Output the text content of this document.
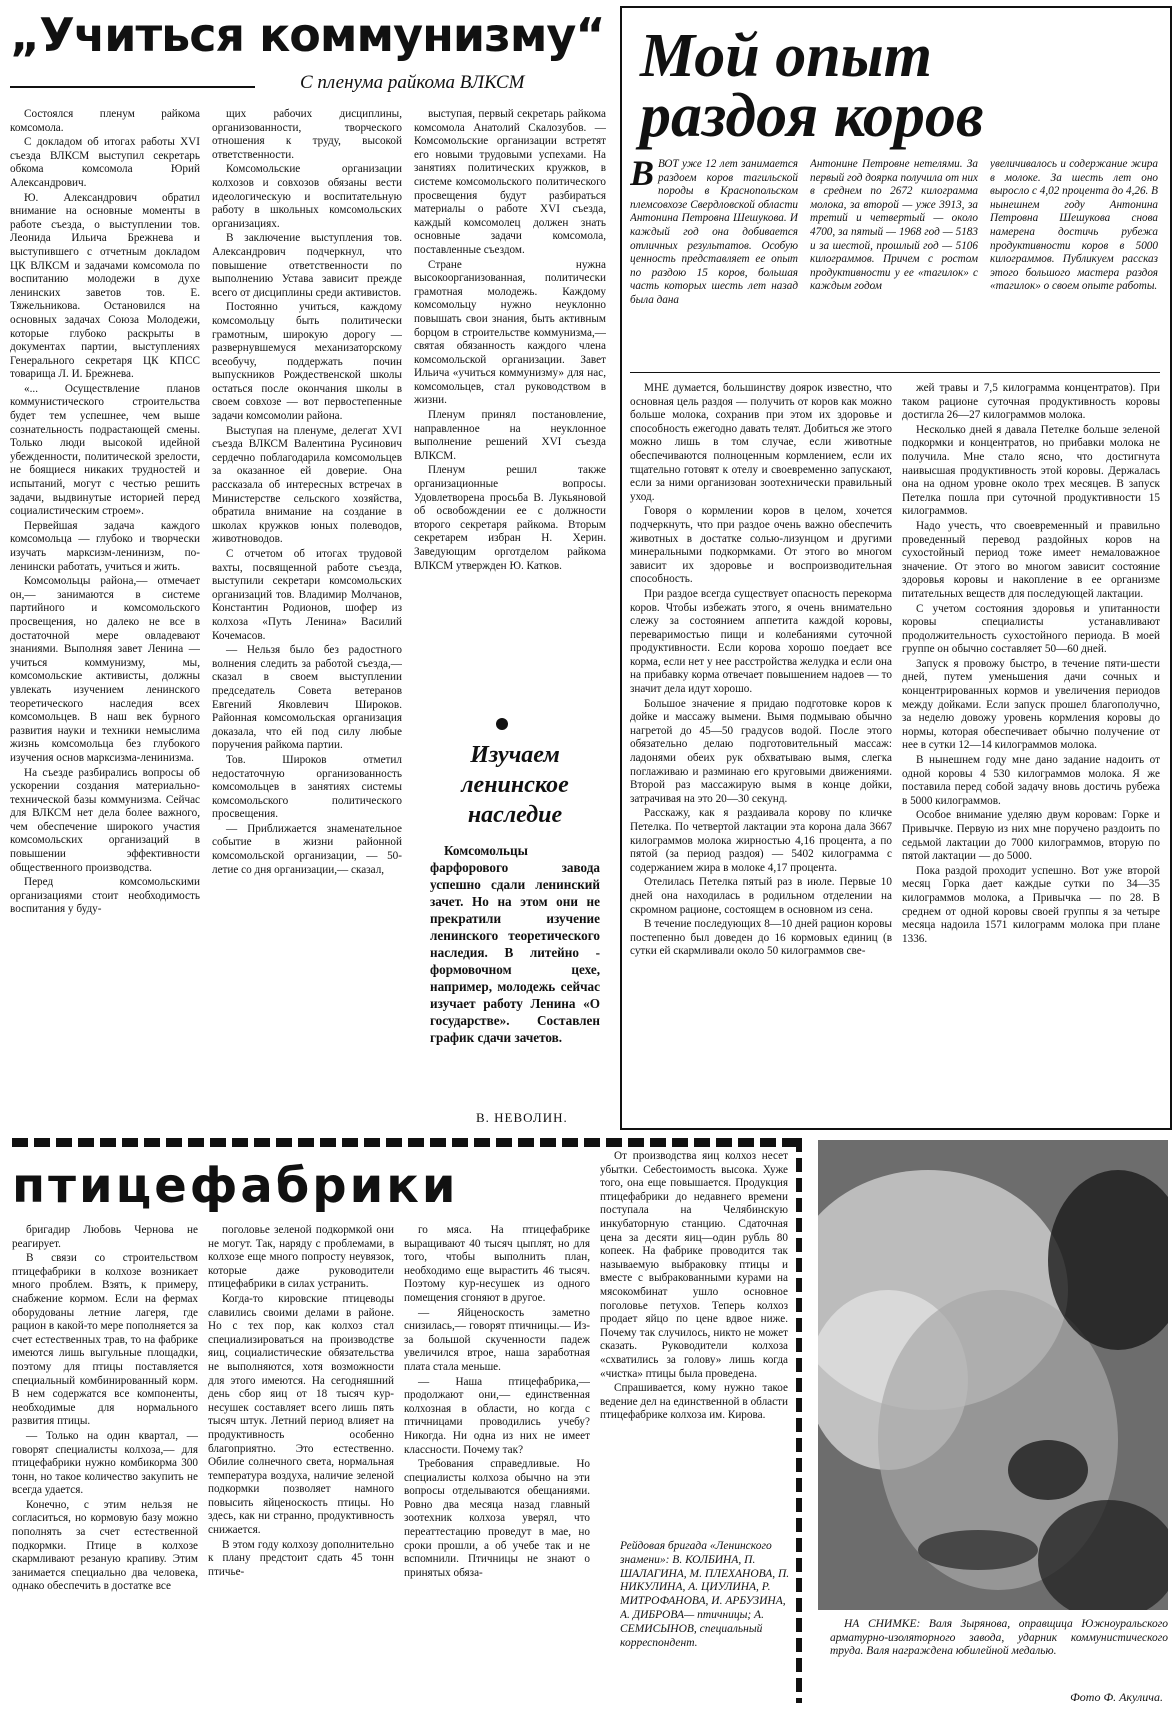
„Учиться коммунизму“
С пленума райкома ВЛКСМ

Состоялся пленум райкома комсомола.

С докладом об итогах работы XVI съезда ВЛКСМ выступил секретарь обкома комсомола Юрий Александрович.

Ю. Александрович обратил внимание на основные моменты в работе съезда, о выступлении тов. Леонида Ильича Брежнева и выступившего с отчетным докладом ЦК ВЛКСМ и задачами комсомола по воспитанию молодежи в духе ленинских заветов тов. Е. Тяжельникова. Остановился на основных задачах Союза Молодежи, которые глубоко раскрыты в документах партии, выступлениях Генерального секретаря ЦК КПСС товарища Л. И. Брежнева.

«... Осуществление планов коммунистического строительства будет тем успешнее, чем выше сознательность подрастающей смены. Только люди высокой идейной убежденности, политической зрелости, не боящиеся никаких трудностей и испытаний, могут с честью решить задачи, выдвинутые историей перед социалистическим строем».

Первейшая задача каждого комсомольца — глубоко и творчески изучать марксизм-ленинизм, по-ленински работать, учиться и жить.

Комсомольцы района,— отмечает он,— занимаются в системе партийного и комсомольского просвещения, но далеко не все в достаточной мере овладевают знаниями. Выполняя завет Ленина — учиться коммунизму, мы, комсомольские активисты, должны увлекать изучением ленинского теоретического наследия всех комсомольцев. В наш век бурного развития науки и техники немыслима жизнь комсомольца без глубокого изучения основ марксизма-ленинизма.

На съезде разбирались вопросы об ускорении создания материально-технической базы коммунизма. Сейчас для ВЛКСМ нет дела более важного, чем обеспечение широкого участия комсомольских организаций в повышении эффективности общественного производства.

Перед комсомольскими организациями стоит необходимость воспитания у буду-

щих рабочих дисциплины, организованности, творческого отношения к труду, высокой ответственности.

Комсомольские организации колхозов и совхозов обязаны вести идеологическую и воспитательную работу в школьных комсомольских организациях.

В заключение выступления тов. Александрович подчеркнул, что повышение ответственности по выполнению Устава зависит прежде всего от дисциплины среди активистов.

Постоянно учиться, каждому комсомольцу быть политически грамотным, широкую дорогу — развернувшемуся механизаторскому всеобучу, поддержать почин выпускников Рождественской школы остаться после окончания школы в своем совхозе — вот первостепенные задачи комсомолии района.

Выступая на пленуме, делегат XVI съезда ВЛКСМ Валентина Русинович сердечно поблагодарила комсомольцев за оказанное ей доверие. Она рассказала об интересных встречах в Министерстве сельского хозяйства, обратила внимание на создание в школах кружков юных полеводов, животноводов.

С отчетом об итогах трудовой вахты, посвященной работе съезда, выступили секретари комсомольских организаций тов. Владимир Молчанов, Константин Родионов, шофер из колхоза «Путь Ленина» Василий Кочемасов.

— Нельзя было без радостного волнения следить за работой съезда,— сказал в своем выступлении председатель Совета ветеранов Евгений Яковлевич Широков. Районная комсомольская организация доказала, что ей под силу любые поручения райкома партии.

Тов. Широков отметил недостаточную организованность комсомольцев в занятиях системы комсомольского политического просвещения.

— Приближается знаменательное событие в жизни районной комсомольской организации, — 50-летие со дня организации,— сказал,

выступая, первый секретарь райкома комсомола Анатолий Скалозубов. — Комсомольские организации встретят его новыми трудовыми успехами. На занятиях политических кружков, в системе комсомольского политического просвещения будут разбираться материалы о работе XVI съезда, каждый комсомолец должен знать основные задачи комсомола, поставленные съездом.

Стране нужна высокоорганизованная, политически грамотная молодежь. Каждому комсомольцу нужно неуклонно повышать свои знания, быть активным борцом в строительстве коммунизма,— святая обязанность каждого члена комсомольской организации. Завет Ильича «учиться коммунизму» для нас, комсомольцев, стал руководством в жизни.

Пленум принял постановление, направленное на неуклонное выполнение решений XVI съезда ВЛКСМ.

Пленум решил также организационные вопросы. Удовлетворена просьба В. Лукьяновой об освобождении ее с должности второго секретаря райкома. Вторым секретарем избран Н. Херин. Заведующим орготделом райкома ВЛКСМ утвержден Ю. Катков.

Изучаем ленинское наследие
Комсомольцы фарфорового завода успешно сдали ленинский зачет. Но на этом они не прекратили изучение ленинского теоретического наследия. В литейно - формовочном цехе, например, молодежь сейчас изучает работу Ленина «О государстве». Составлен график сдачи зачетов.
В. НЕВОЛИН.
Мой опыт раздоя коров
ВВОТ уже 12 лет занимается раздоем коров тагильской породы в Краснопольском племсовхозе Свердловской области Антонина Петровна Шешукова. И каждый год она добивается отличных результатов. Особую ценность представляет ее опыт по раздою 15 коров, большая часть которых шесть лет назад была дана
Антонине Петровне нетелями. За первый год доярка получила от них в среднем по 2672 килограмма молока, за второй — уже 3913, за третий и четвертый — около 4700, за пятый — 1968 год — 5183 и за шестой, прошлый год — 5106 килограммов. Причем с ростом продуктивности у ее «тагилок» с каждым годом
увеличивалось и содержание жира в молоке. За шесть лет оно выросло с 4,02 процента до 4,26. В нынешнем году Антонина Петровна Шешукова снова намерена достичь рубежа продуктивности коров в 5000 килограммов. Публикуем рассказ этого большого мастера раздоя «тагилок» о своем опыте работы.

МНЕ думается, большинству доярок известно, что основная цель раздоя — получить от коров как можно больше молока, сохранив при этом их здоровье и способность ежегодно давать телят. Добиться же этого можно лишь в том случае, если животные обеспечиваются полноценным кормлением, если их тщательно готовят к отелу и своевременно запускают, если за ними организован зоотехнически правильный уход.

Говоря о кормлении коров в целом, хочется подчеркнуть, что при раздое очень важно обеспечить животных в достатке солью-лизунцом и другими минеральными подкормками. От этого во многом зависит их здоровье и воспроизводительная способность.

При раздое всегда существует опасность перекорма коров. Чтобы избежать этого, я очень внимательно слежу за состоянием аппетита каждой коровы, переваримостью пищи и колебаниями суточной продуктивности. Если корова хорошо поедает все корма, если нет у нее расстройства желудка и если она на прибавку корма отвечает повышением надоев — то значит дела идут хорошо.

Большое значение я придаю подготовке коров к дойке и массажу вымени. Вымя подмываю обычно нагретой до 45—50 градусов водой. После этого обязательно делаю подготовительный массаж: ладонями обеих рук обхватываю вымя, слегка поглаживаю и разминаю его круговыми движениями. Второй раз массажирую вымя в конце дойки, затрачивая на это 20—30 секунд.

Расскажу, как я раздаивала корову по кличке Петелка. По четвертой лактации эта корона дала 3667 килограммов молока жирностью 4,16 процента, а по пятой (за период раздоя) — 5402 килограмма с содержанием жира в молоке 4,17 процента.

Отелилась Петелка пятый раз в июле. Первые 10 дней она находилась в родильном отделении на скромном рационе, состоящем в основном из сена.

В течение последующих 8—10 дней рацион коровы постепенно был доведен до 16 кормовых единиц (в сутки ей скармливали около 50 килограммов све-

жей травы и 7,5 килограмма концентратов). При таком рационе суточная продуктивность коровы достигла 26—27 килограммов молока.

Несколько дней я давала Петелке больше зеленой подкормки и концентратов, но прибавки молока не получила. Мне стало ясно, что достигнута наивысшая продуктивность этой коровы. Держалась она на одном уровне около трех месяцев. В запуск Петелка пошла при суточной продуктивности 15 килограммов.

Надо учесть, что своевременный и правильно проведенный перевод раздойных коров на сухостойный период тоже имеет немаловажное значение. От этого во многом зависит состояние здоровья коровы и накопление в ее организме питательных веществ для последующей лактации.

С учетом состояния здоровья и упитанности коровы специалисты устанавливают продолжительность сухостойного периода. В моей группе он обычно составляет 50—60 дней.

Запуск я провожу быстро, в течение пяти-шести дней, путем уменьшения дачи сочных и концентрированных кормов и увеличения периодов между дойками. Если запуск прошел благополучно, за неделю довожу уровень кормления коровы до нормы, которая обеспечивает обычно получение от нее в сутки 12—14 килограммов молока.

В нынешнем году мне дано задание надоить от одной коровы 4 530 килограммов молока. Я же поставила перед собой задачу вновь достичь рубежа в 5000 килограммов.

Особое внимание уделяю двум коровам: Горке и Привычке. Первую из них мне поручено раздоить по седьмой лактации до 7000 килограммов, вторую по пятой лактации — до 5000.

Пока раздой проходит успешно. Вот уже второй месяц Горка дает каждые сутки по 34—35 килограммов молока, а Привычка — по 28. В среднем от одной коровы своей группы я за четыре месяца надоила 1571 килограмм молока при плане 1336.

птицефабрики

бригадир Любовь Чернова не реагирует.

В связи со строительством птицефабрики в колхозе возникает много проблем. Взять, к примеру, снабжение кормом. Если на фермах оборудованы летние лагеря, где рацион в какой-то мере пополняется за счет естественных трав, то на фабрике имеются лишь выгульные площадки, поэтому для птицы поставляется специальный комбинированный корм. В нем содержатся все компоненты, необходимые для нормального развития птицы.

— Только на один квартал, — говорят специалисты колхоза,— для птицефабрики нужно комбикорма 300 тонн, но такое количество закупить не всегда удается.

Конечно, с этим нельзя не согласиться, но кормовую базу можно пополнять за счет естественной подкормки. Птице в колхозе скармливают резаную крапиву. Этим занимается специально два человека, однако обеспечить в достатке все

поголовье зеленой подкормкой они не могут. Так, наряду с проблемами, в колхозе еще много попросту неувязок, которые даже руководители птицефабрики в силах устранить.

Когда-то кировские птицеводы славились своими делами в районе. Но с тех пор, как колхоз стал специализироваться на производстве яиц, социалистические обязательства не выполняются, хотя возможности для этого имеются. На сегодняшний день сбор яиц от 18 тысяч кур-несушек составляет всего лишь пять тысяч штук. Летний период влияет на продуктивность особенно благоприятно. Это естественно. Обилие солнечного света, нормальная температура воздуха, наличие зеленой подкормки позволяет намного повысить яйценоскость птицы. Но здесь, как ни странно, продуктивность снижается.

В этом году колхозу дополнительно к плану предстоит сдать 45 тонн птичье-

го мяса. На птицефабрике выращивают 40 тысяч цыплят, но для того, чтобы выполнить план, необходимо еще вырастить 46 тысяч. Поэтому кур-несушек из одного помещения сгоняют в другое.

— Яйценоскость заметно снизилась,— говорят птичницы.— Из-за большой скученности падеж увеличился втрое, наша заработная плата стала меньше.

— Наша птицефабрика,— продолжают они,— единственная колхозная в области, но когда с птичницами проводились учебу? Никогда. Ни одна из них не имеет классности. Почему так?

Требования справедливые. Но специалисты колхоза обычно на эти вопросы отделываются обещаниями. Ровно два месяца назад главный зоотехник колхоза уверял, что переаттестацию проведут в мае, но сроки прошли, а об учебе так и не вспомнили. Птичницы не знают о принятых обяза-

От производства яиц колхоз несет убытки. Себестоимость высока. Хуже того, она еще повышается. Продукция птицефабрики до недавнего времени поступала на Челябинскую инкубаторную станцию. Сдаточная цена за десяти яиц—один рубль 80 копеек. На фабрике проводится так называемую выбраковку птицы и вместе с выбракованными курами на мясокомбинат ушло основное поголовье петухов. Теперь колхоз продает яйцо по цене вдвое ниже. Почему так случилось, никто не может сказать. Руководители колхоза «схватились за голову» лишь когда «чистка» птицы была проведена.

Спрашивается, кому нужно такое ведение дел на единственной в области птицефабрике колхоза им. Кирова.

Рейдовая бригада «Ленинского знамени»: В. КОЛБИНА, П. ШАЛАГИНА, М. ПЛЕХАНОВА, П. НИКУЛИНА, А. ЦИУЛИНА, Р. МИТРОФАНОВА, И. АРБУЗИНА, А. ДИБРОВА— птичницы; А. СЕМИСЫНОВ, специальный корреспондент.
НА СНИМКЕ: Валя Зырянова, оправщица Южноуральского арматурно-изоляторного завода, ударник коммунистического труда. Валя награждена юбилейной медалью.
Фото Ф. Акулича.
